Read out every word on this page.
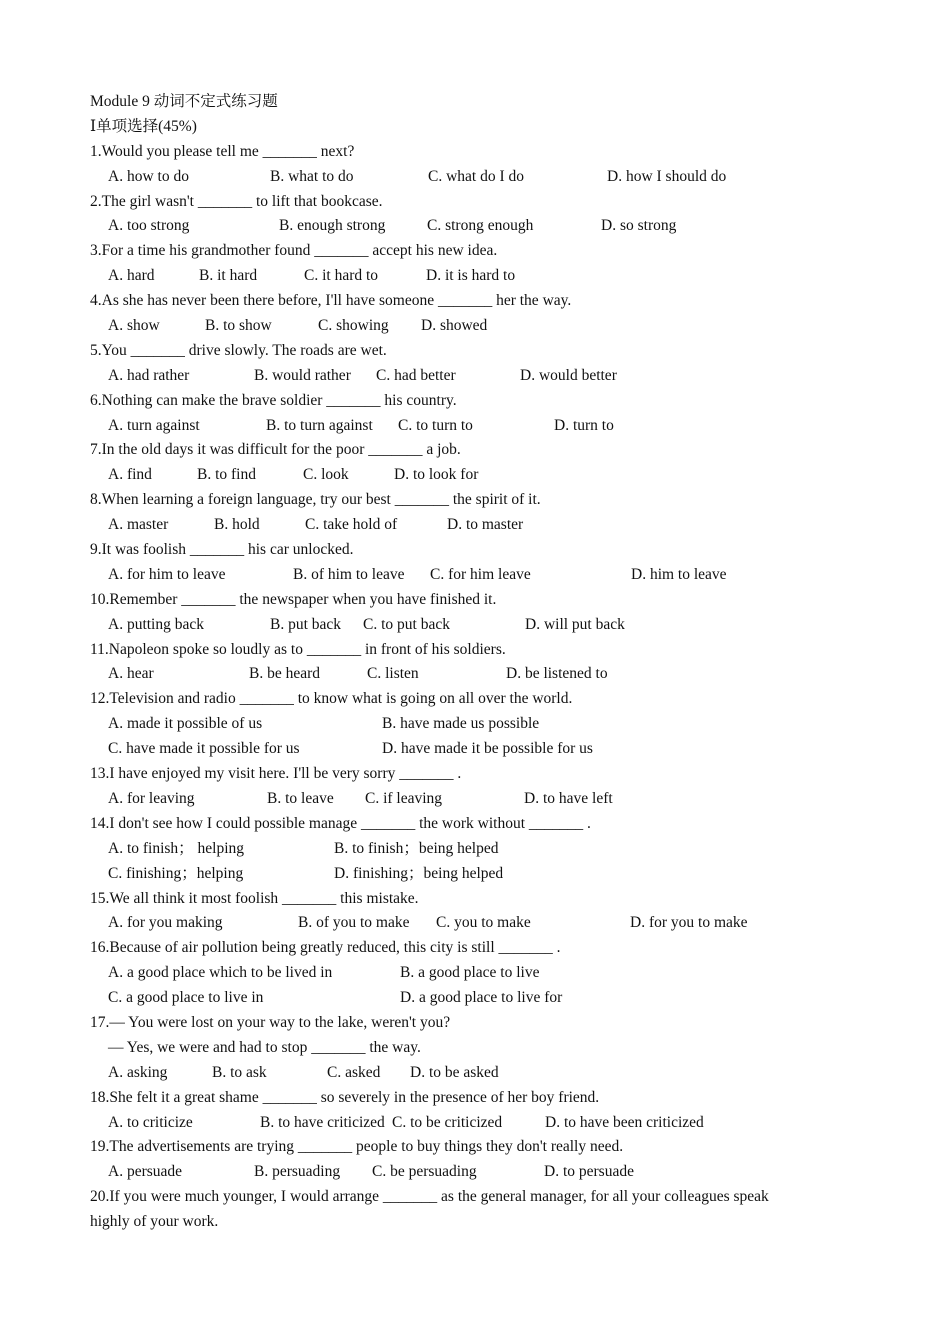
Module 9 动词不定式练习题
Ⅰ单项选择(45%)
1.Would you please tell me _______ next?
A. how to do	B. what to do	C. what do I do	D. how I should do
2.The girl wasn't _______ to lift that bookcase.
A. too strong	B. enough strong	C. strong enough	D. so strong
3.For a time his grandmother found _______ accept his new idea.
A. hard	B. it hard	C. it hard to	D. it is hard to
4.As she has never been there before, I'll have someone _______ her the way.
A. show	B. to show	C. showing D. showed
5.You _______ drive slowly. The roads are wet.
A. had rather	B. would rather C. had better	D. would better
6.Nothing can make the brave soldier _______ his country.
A. turn against	B. to turn against C. to turn to	D. turn to
7.In the old days it was difficult for the poor _______ a job.
A. find	B. to find	C. look	D. to look for
8.When learning a foreign language, try our best _______ the spirit of it.
A. master	B. hold	C. take hold of	D. to master
9.It was foolish _______ his car unlocked.
A. for him to leave	B. of him to leave C. for him leave	D. him to leave
10.Remember _______ the newspaper when you have finished it.
A. putting back	B. put back C. to put back	D. will put back
11.Napoleon spoke so loudly as to _______ in front of his soldiers.
A. hear	B. be heard	C. listen	D. be listened to
12.Television and radio _______ to know what is going on all over the world.
A. made it possible of us	B. have made us possible
C. have made it possible for us	D. have made it be possible for us
13.I have enjoyed my visit here. I'll be very sorry _______ .
A. for leaving	B. to leave C. if leaving	D. to have left
14.I don't see how I could possible manage _______ the work without _______ .
A. to finish； helping	B. to finish；being helped
C. finishing；helping	D. finishing；being helped
15.We all think it most foolish _______ this mistake.
A. for you making	B. of you to make C. you to make	D. for you to make
16.Because of air pollution being greatly reduced, this city is still _______ .
A. a good place which to be lived in	B. a good place to live
C. a good place to live in	D. a good place to live for
17.— You were lost on your way to the lake, weren't you?
— Yes, we were and had to stop _______ the way.
A. asking	B. to ask	C. asked D. to be asked
18.She felt it a great shame _______ so severely in the presence of her boy friend.
A. to criticize	B. to have criticized C. to be criticized	D. to have been criticized
19.The advertisements are trying _______ people to buy things they don't really need.
A. persuade	B. persuading C. be persuading	D. to persuade
20.If you were much younger, I would arrange _______ as the general manager, for all your colleagues speak
highly of your work.
